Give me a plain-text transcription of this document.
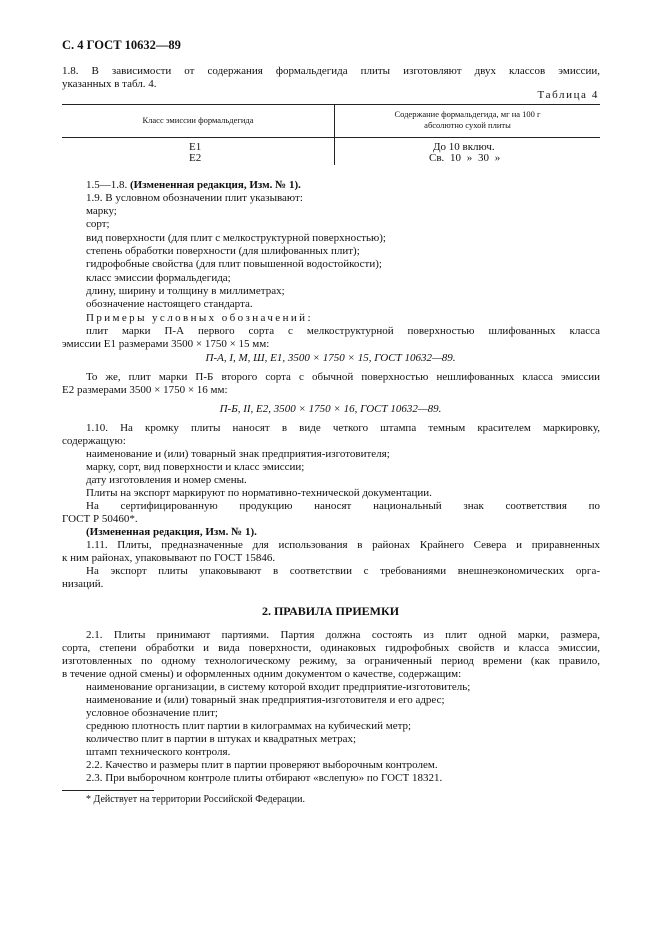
С. 4 ГОСТ 10632—89
1.8. В зависимости от содержания формальдегида плиты изготовляют двух классов эмиссии,
указанных в табл. 4.
Таблица 4
Класс эмиссии формальдегида
Содержание формальдегида, мг на 100 г
абсолютно сухой плиты
Е1	До 10 включ.
Е2	Св. 10 » 30 »
1.5—1.8. (Измененная редакция, Изм. № 1).
1.9. В условном обозначении плит указывают:
марку;
сорт;
вид поверхности (для плит с мелкоструктурной поверхностью);
степень обработки поверхности (для шлифованных плит);
гидрофобные свойства (для плит повышенной водостойкости);
класс эмиссии формальдегида;
длину, ширину и толщину в миллиметрах;
обозначение настоящего стандарта.
Примеры условных обозначений:
плит марки П-А первого сорта с мелкоструктурной поверхностью шлифованных класса
эмиссии Е1 размерами 3500 × 1750 × 15 мм:
П-А, I, М, Ш, Е1, 3500 × 1750 × 15, ГОСТ 10632—89.
То же, плит марки П-Б второго сорта с обычной поверхностью нешлифованных класса эмиссии
Е2 размерами 3500 × 1750 × 16 мм:
П-Б, II, Е2, 3500 × 1750 × 16, ГОСТ 10632—89.
1.10. На кромку плиты наносят в виде четкого штампа темным красителем маркировку,
содержащую:
наименование и (или) товарный знак предприятия-изготовителя;
марку, сорт, вид поверхности и класс эмиссии;
дату изготовления и номер смены.
Плиты на экспорт маркируют по нормативно-технической документации.
На сертифицированную продукцию наносят национальный знак соответствия по
ГОСТ Р 50460*.
(Измененная редакция, Изм. № 1).
1.11. Плиты, предназначенные для использования в районах Крайнего Севера и приравненных
к ним районах, упаковывают по ГОСТ 15846.
На экспорт плиты упаковывают в соответствии с требованиями внешнеэкономических орга-
низаций.
2. ПРАВИЛА ПРИЕМКИ
2.1. Плиты принимают партиями. Партия должна состоять из плит одной марки, размера,
сорта, степени обработки и вида поверхности, одинаковых гидрофобных свойств и класса эмиссии,
изготовленных по одному технологическому режиму, за ограниченный период времени (как правило,
в течение одной смены) и оформленных одним документом о качестве, содержащим:
наименование организации, в систему которой входит предприятие-изготовитель;
наименование и (или) товарный знак предприятия-изготовителя и его адрес;
условное обозначение плит;
среднюю плотность плит партии в килограммах на кубический метр;
количество плит в партии в штуках и квадратных метрах;
штамп технического контроля.
2.2. Качество и размеры плит в партии проверяют выборочным контролем.
2.3. При выборочном контроле плиты отбирают «вслепую» по ГОСТ 18321.
* Действует на территории Российской Федерации.
